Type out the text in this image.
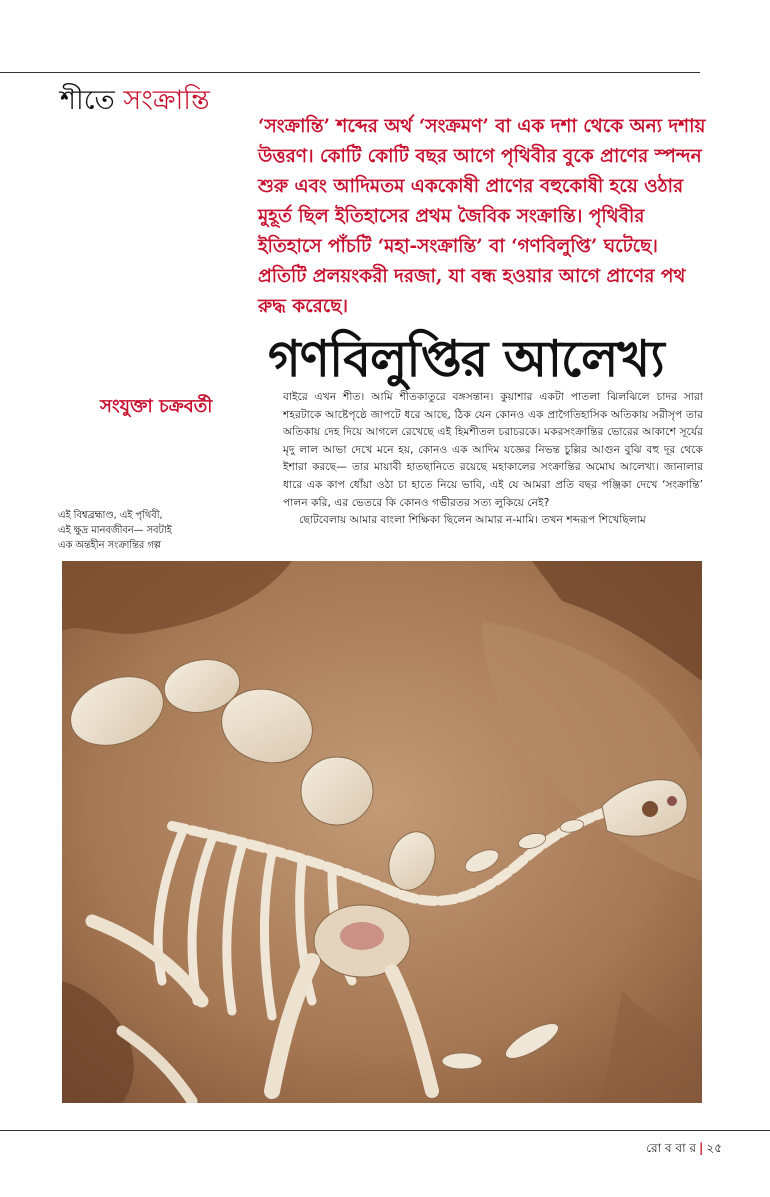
শীতে সংক্রান্তি
‘সংক্রান্তি’ শব্দের অর্থ ‘সংক্রমণ’ বা এক দশা থেকে অন্য দশায় উত্তরণ। কোটি কোটি বছর আগে পৃথিবীর বুকে প্রাণের স্পন্দন শুরু এবং আদিমতম এককোষী প্রাণের বহুকোষী হয়ে ওঠার মুহূর্ত ছিল ইতিহাসের প্রথম জৈবিক সংক্রান্তি। পৃথিবীর ইতিহাসে পাঁচটি ‘মহা-সংক্রান্তি’ বা ‘গণবিলুপ্তি’ ঘটেছে। প্রতিটি প্রলয়ংকরী দরজা, যা বন্ধ হওয়ার আগে প্রাণের পথ রুদ্ধ করেছে।
গণবিলুপ্তির আলেখ্য
সংযুক্তা চক্রবর্তী	বাইরে এখন শীত। আমি শীতকাতুরে বঙ্গসন্তান। কুয়াশার একটা পাতলা ঝিলঝিলে চাদর সারা শহরটাকে আষ্টেপৃষ্ঠে জাপটে ধরে আছে, ঠিক যেন কোনও এক প্রাগৈতিহাসিক অতিকায় সরীসৃপ তার অতিকায় দেহ দিয়ে আগলে রেখেছে এই হিমশীতল চরাচরকে। মকরসংক্রান্তির ভোরের আকাশে সূর্যের মৃদু লাল আভা দেখে মনে হয়, কোনও এক আদিম যজ্ঞের নিভন্ত চুল্লির আগুন বুঝি বহু দূর থেকে ইশারা করছে— তার মায়াবী হাতছানিতে রয়েছে মহাকালের সংক্রান্তির অমোঘ আলেখ্য। জানালার ধারে এক কাপ ধোঁয়া ওঠা চা হাতে নিয়ে ভাবি, এই যে আমরা প্রতি বছর পঞ্জিকা দেখে ‘সংক্রান্তি’ পালন করি, এর ভেতরে কি কোনও গভীরতর সত্য লুকিয়ে নেই?

ছোটবেলায় আমার বাংলা শিক্ষিকা ছিলেন আমার ন-মামি। তখন শব্দরূপ শিখেছিলাম

এই বিশ্বব্রহ্মাণ্ড, এই পৃথিবী,
এই ক্ষুদ্র মানবজীবন— সবটাই
এক অন্তহীন সংক্রান্তির গল্প
রো ব বা র | ২৫
